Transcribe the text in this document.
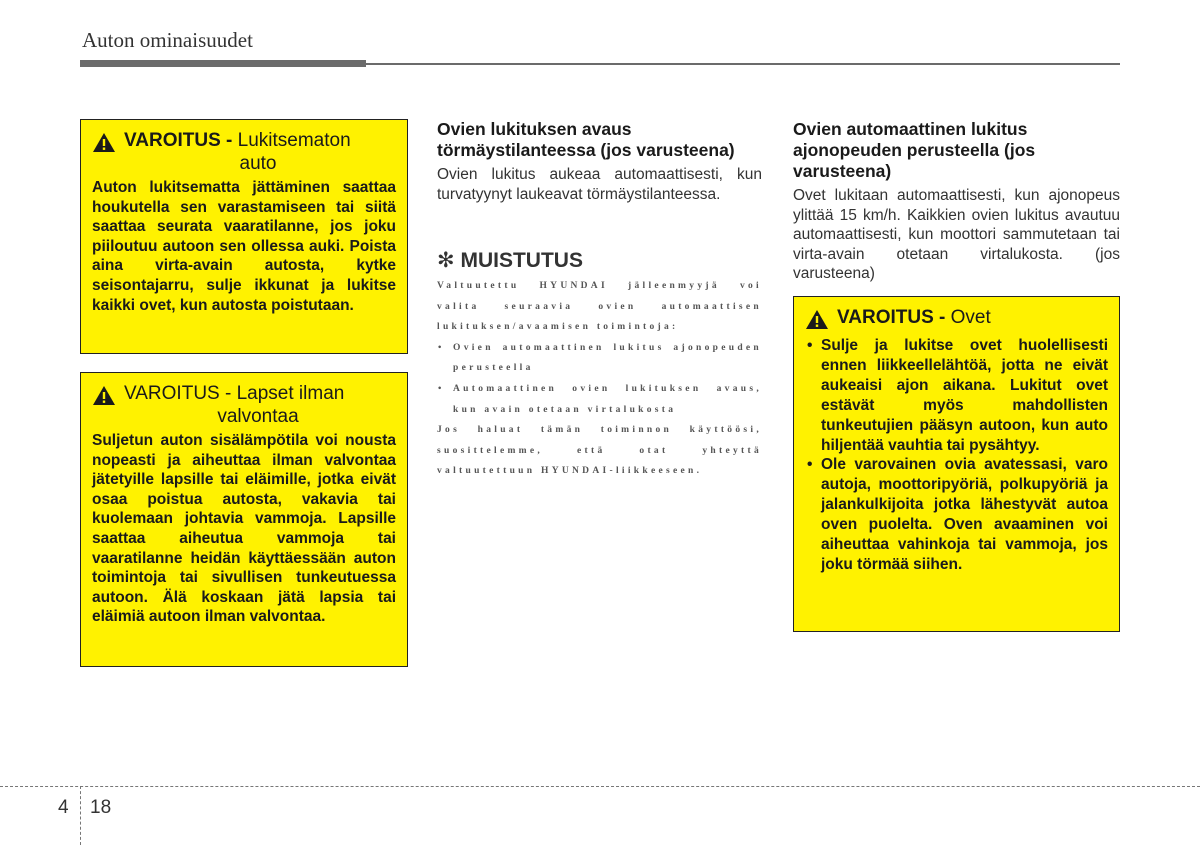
Auton ominaisuudet
VAROITUS - Lukitsematon
auto
Auton lukitsematta jättäminen saattaa houkutella sen varastamiseen tai siitä saattaa seurata vaaratilanne, jos joku piiloutuu autoon sen ollessa auki. Poista aina virta-avain autosta, kytke seisontajarru, sulje ikkunat ja lukitse kaikki ovet, kun autosta poistutaan.
VAROITUS - Lapset ilman
valvontaa
Suljetun auton sisälämpötila voi nousta nopeasti ja aiheuttaa ilman valvontaa jätetyille lapsille tai eläimille, jotka eivät osaa poistua autosta, vakavia tai kuolemaan johtavia vammoja. Lapsille saattaa aiheutua vammoja tai vaaratilanne heidän käyttäessään auton toimintoja tai sivullisen tunkeutuessa autoon. Älä koskaan jätä lapsia tai eläimiä autoon ilman valvontaa.
Ovien lukituksen avaus törmäystilanteessa (jos varusteena)
Ovien lukitus aukeaa automaattisesti, kun turvatyynyt laukeavat törmäystilanteessa.
✻ MUISTUTUS

Valtuutettu HYUNDAI jälleenmyyjä voi valita seuraavia ovien automaattisen lukituksen/avaamisen toimintoja:

• Ovien automaattinen lukitus ajonopeuden perusteella
• Automaattinen ovien lukituksen avaus, kun avain otetaan virtalukosta

Jos haluat tämän toiminnon käyttöösi, suosittelemme, että otat yhteyttä valtuutettuun HYUNDAI-liikkeeseen.

Ovien automaattinen lukitus ajonopeuden perusteella (jos varusteena)
Ovet lukitaan automaattisesti, kun ajonopeus ylittää 15 km/h. Kaikkien ovien lukitus avautuu automaattisesti, kun moottori sammutetaan tai virta-avain otetaan virtalukosta. (jos varusteena)
VAROITUS - Ovet
• Sulje ja lukitse ovet huolellisesti ennen liikkeellelähtöä, jotta ne eivät aukeaisi ajon aikana. Lukitut ovet estävät myös mahdollisten tunkeutujien pääsyn autoon, kun auto hiljentää vauhtia tai pysähtyy.
• Ole varovainen ovia avatessasi, varo autoja, moottoripyöriä, polkupyöriä ja jalankulkijoita jotka lähestyvät autoa oven puolelta. Oven avaaminen voi aiheuttaa vahinkoja tai vammoja, jos joku törmää siihen.
4 18
